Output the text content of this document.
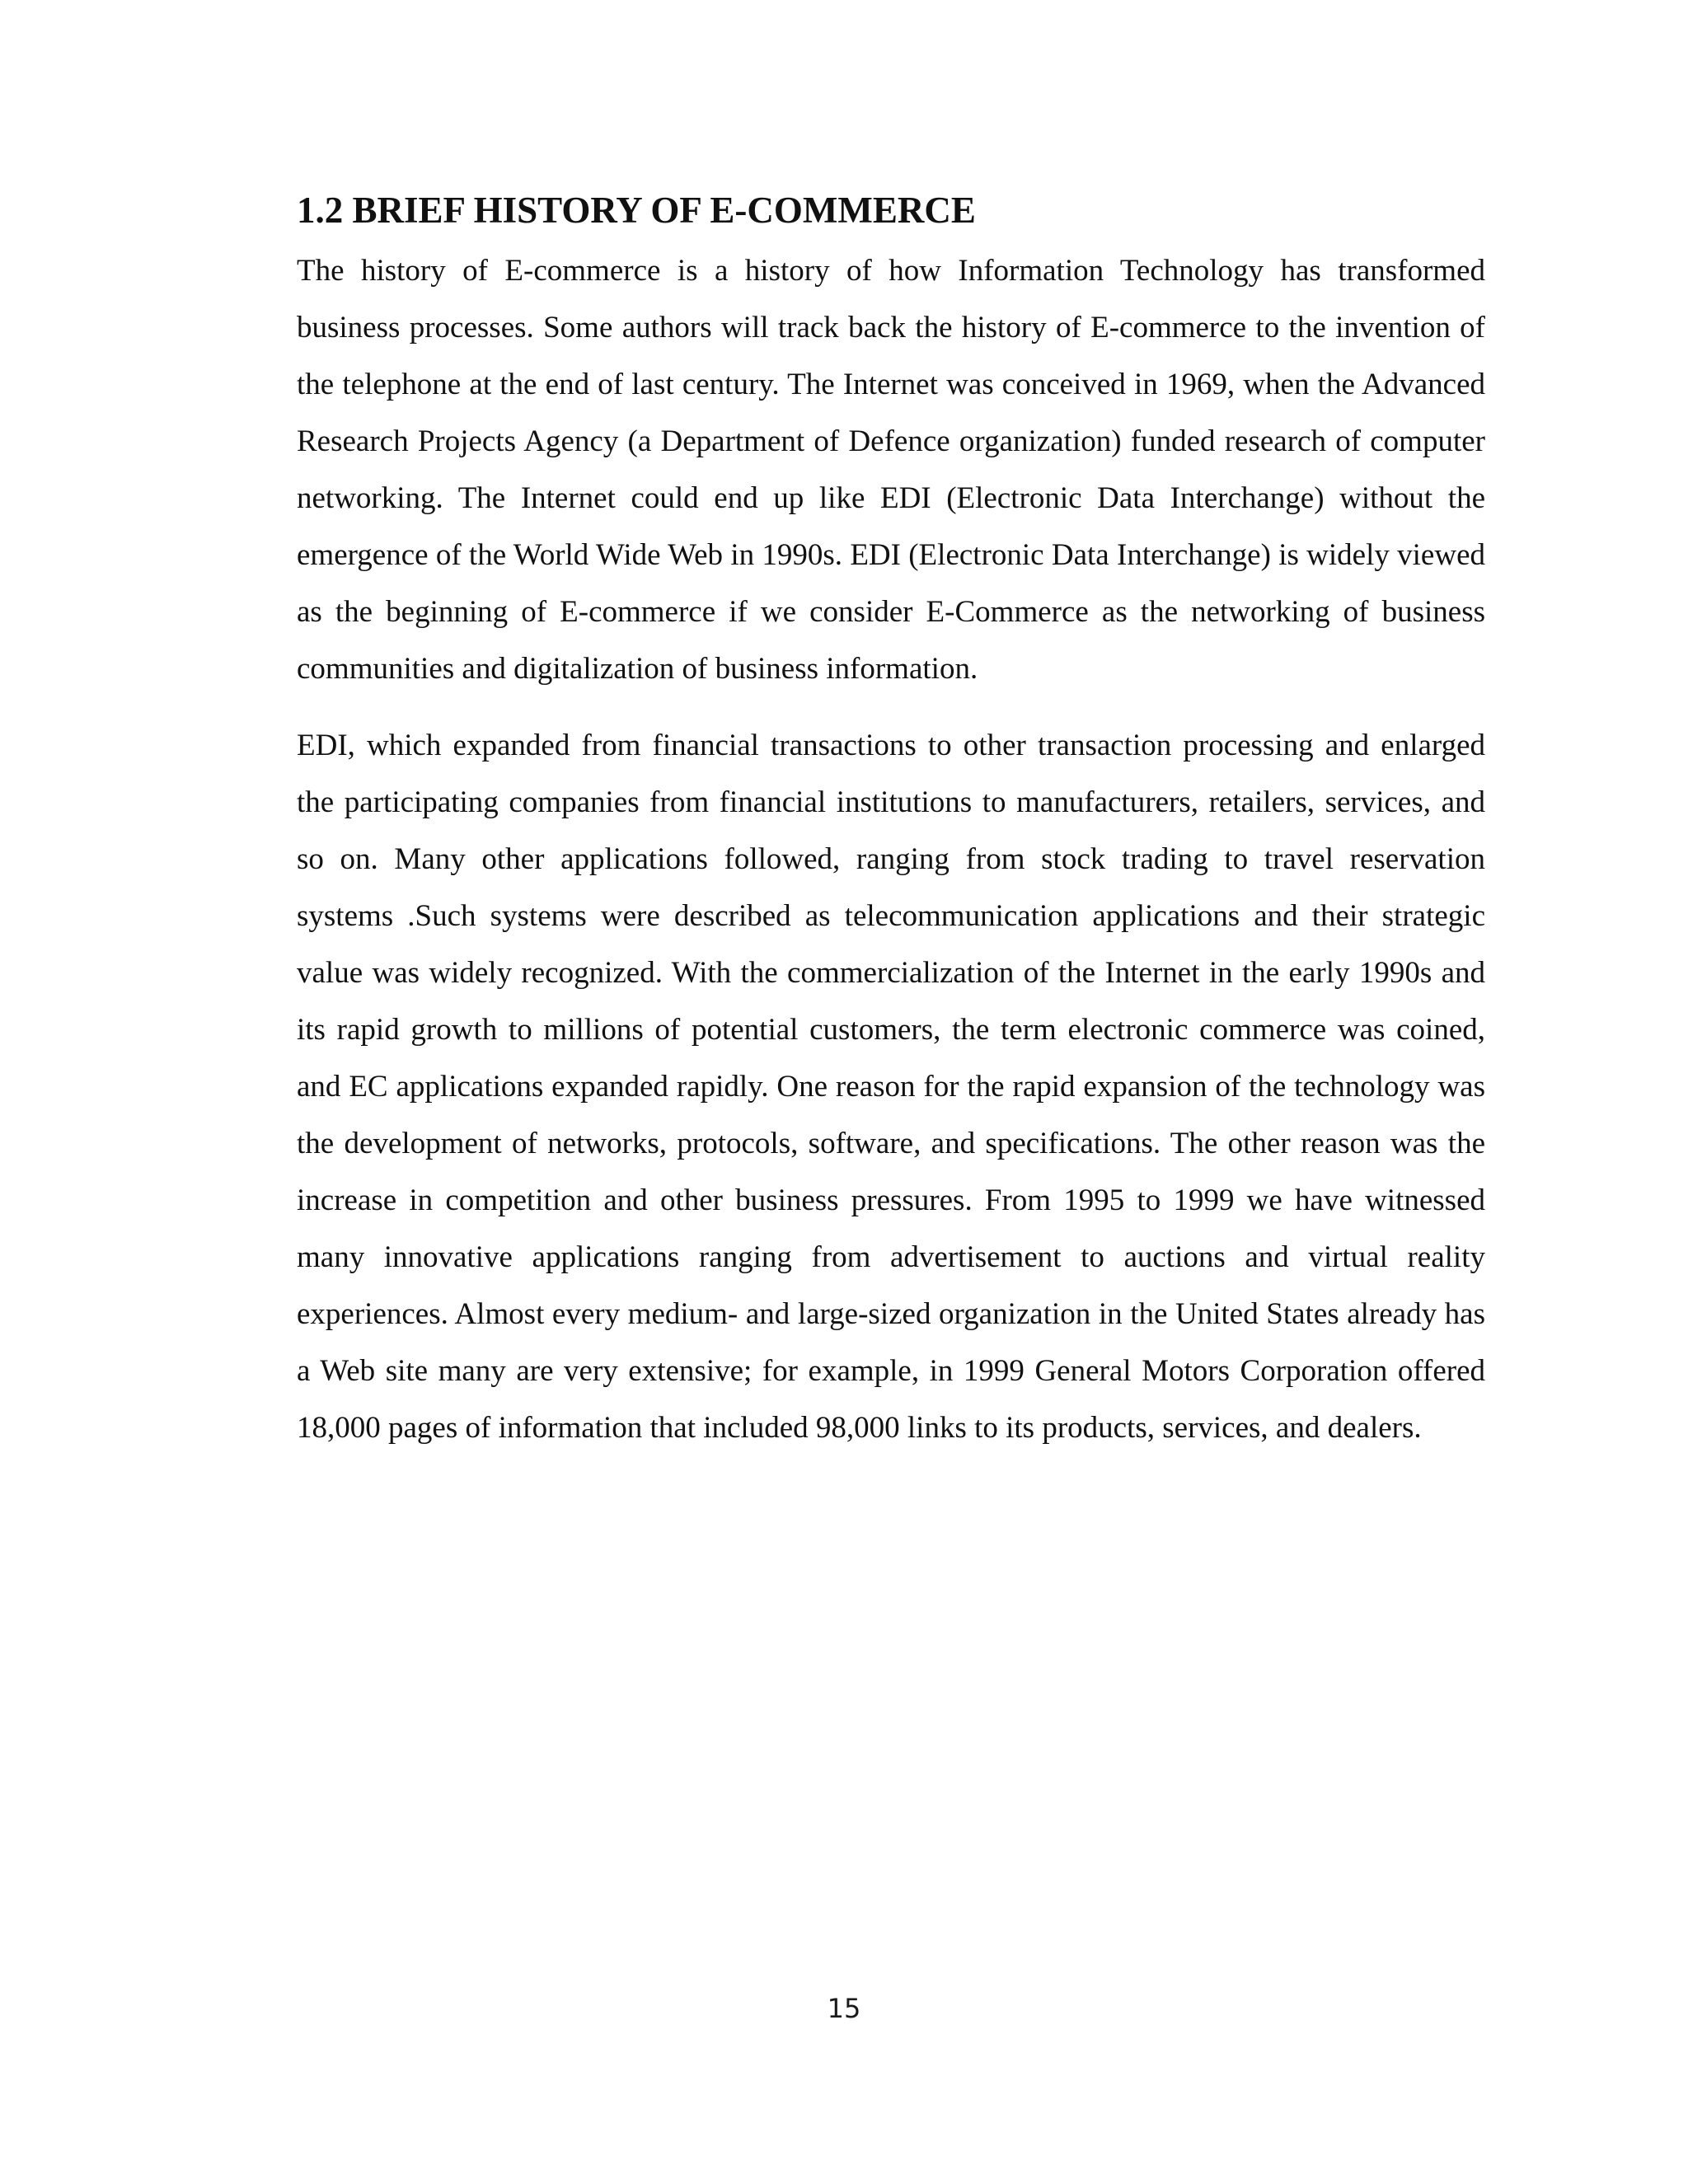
1.2 BRIEF HISTORY OF E-COMMERCE

The history of E-commerce is a history of how Information Technology has transformed business processes. Some authors will track back the history of E-commerce to the invention of the telephone at the end of last century. The Internet was conceived in 1969, when the Advanced Research Projects Agency (a Department of Defence organization) funded research of computer networking. The Internet could end up like EDI (Electronic Data Interchange) without the emergence of the World Wide Web in 1990s. EDI (Electronic Data Interchange) is widely viewed as the beginning of E-commerce if we consider E-Commerce as the networking of business communities and digitalization of business information.

EDI, which expanded from financial transactions to other transaction processing and enlarged the participating companies from financial institutions to manufacturers, retailers, services, and so on. Many other applications followed, ranging from stock trading to travel reservation systems .Such systems were described as telecommunication applications and their strategic value was widely recognized. With the commercialization of the Internet in the early 1990s and its rapid growth to millions of potential customers, the term electronic commerce was coined, and EC applications expanded rapidly. One reason for the rapid expansion of the technology was the development of networks, protocols, software, and specifications. The other reason was the increase in competition and other business pressures. From 1995 to 1999 we have witnessed many innovative applications ranging from advertisement to auctions and virtual reality experiences. Almost every medium- and large-sized organization in the United States already has a Web site many are very extensive; for example, in 1999 General Motors Corporation offered 18,000 pages of information that included 98,000 links to its products, services, and dealers.

15
